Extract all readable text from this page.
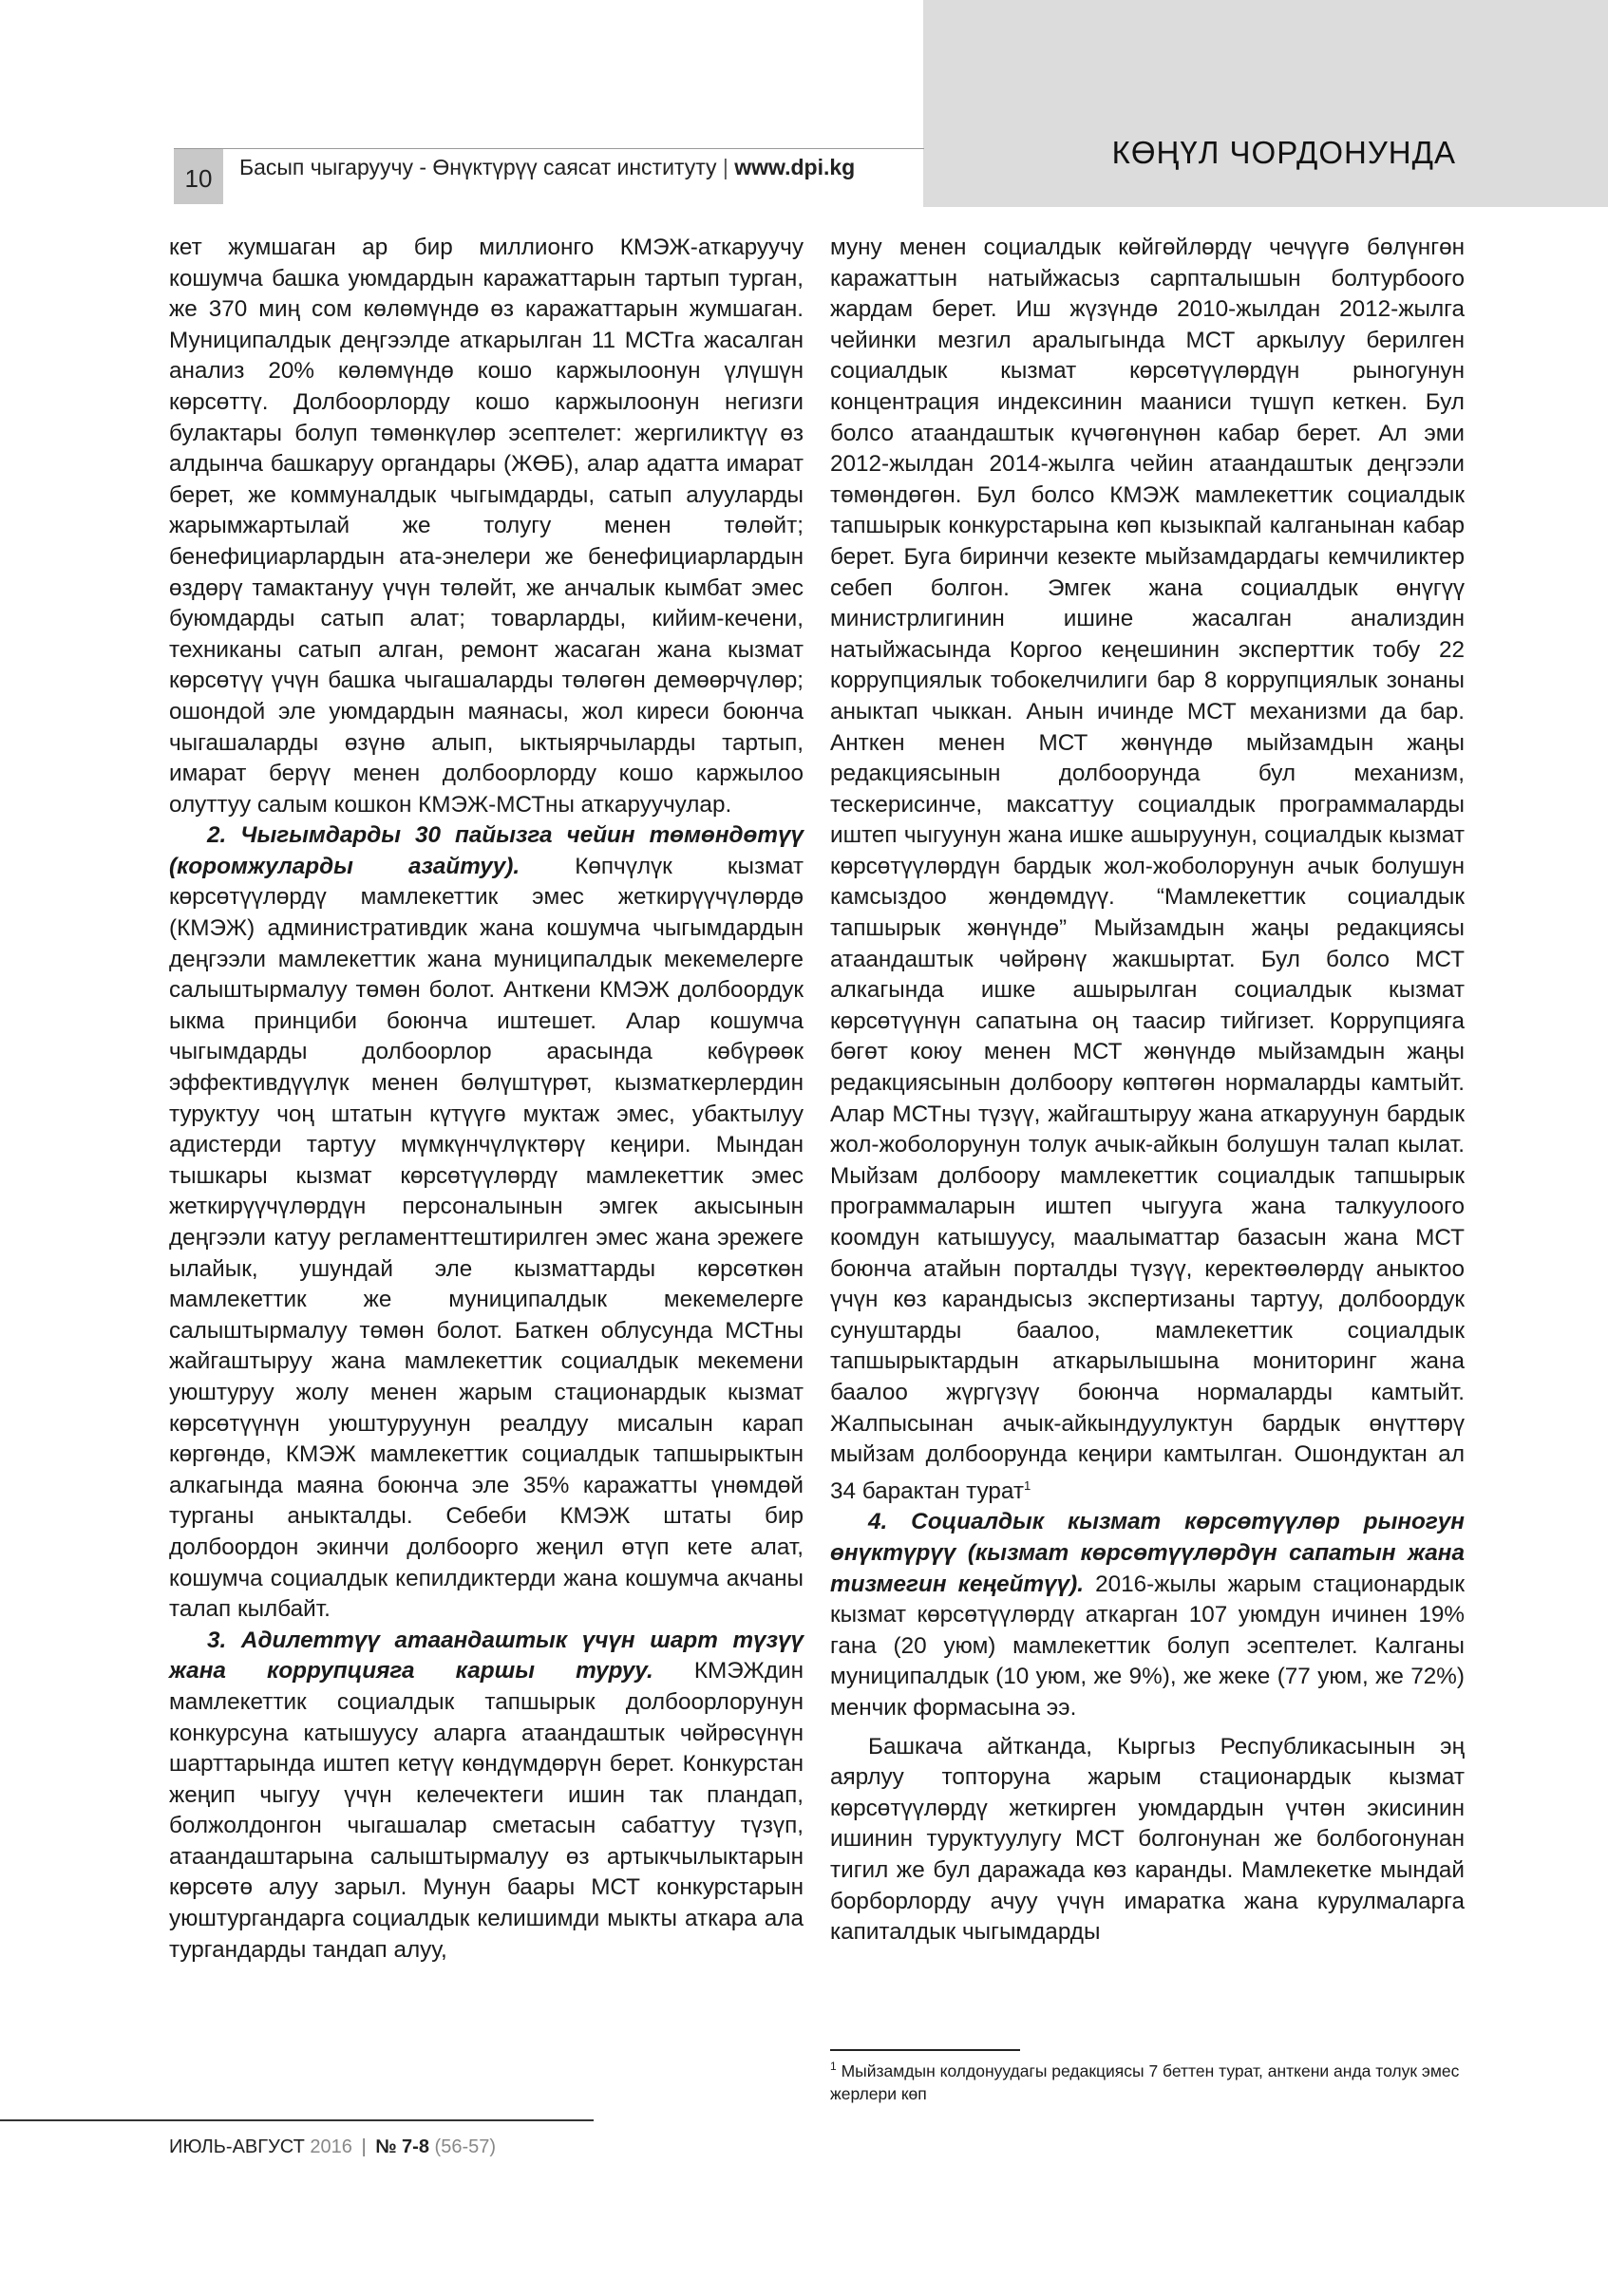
КӨҢҮЛ ЧОРДОНУНДА
10	Басып чыгаруучу - Өнүктүрүү саясат институту | www.dpi.kg

кет жумшаган ар бир миллионго КМЭЖ-аткаруучу кошумча башка уюмдардын каражаттарын тартып турган, же 370 миң сом көлөмүндө өз каражаттарын жумшаган. Муниципалдык деңгээлде аткарылган 11 МСТга жасалган анализ 20% көлөмүндө кошо каржылоонун үлүшүн көрсөттү. Долбоорлорду кошо каржылоонун негизги булактары болуп төмөнкүлөр эсептелет: жергиликтүү өз алдынча башкаруу органдары (ЖӨБ), алар адатта имарат берет, же коммуналдык чыгымдарды, сатып алууларды жарымжартылай же толугу менен төлөйт; бенефициарлардын ата-энелери же бенефициарлардын өздөрү тамактануу үчүн төлөйт, же анчалык кымбат эмес буюмдарды сатып алат; товарларды, кийим-кечени, техниканы сатып алган, ремонт жасаган жана кызмат көрсөтүү үчүн башка чыгашаларды төлөгөн демөөрчүлөр; ошондой эле уюмдардын маянасы, жол киреси боюнча чыгашаларды өзүнө алып, ыктыярчыларды тартып, имарат берүү менен долбоорлорду кошо каржылоо олуттуу салым кошкон КМЭЖ-МСТны аткаруучулар.

2. Чыгымдарды 30 пайызга чейин төмөндөтүү (коромжуларды азайтуу). Көпчүлүк кызмат көрсөтүүлөрдү мамлекеттик эмес жеткирүүчүлөрдө (КМЭЖ) административдик жана кошумча чыгымдардын деңгээли мамлекеттик жана муниципалдык мекемелерге салыштырмалуу төмөн болот. Анткени КМЭЖ долбоордук ыкма принциби боюнча иштешет. Алар кошумча чыгымдарды долбоорлор арасында көбүрөөк эффективдүүлүк менен бөлүштүрөт, кызматкерлердин туруктуу чоң штатын күтүүгө муктаж эмес, убактылуу адистерди тартуу мүмкүнчүлүктөрү кеңири. Мындан тышкары кызмат көрсөтүүлөрдү мамлекеттик эмес жеткирүүчүлөрдүн персоналынын эмгек акысынын деңгээли катуу регламенттештирилген эмес жана эрежеге ылайык, ушундай эле кызматтарды көрсөткөн мамлекеттик же муниципалдык мекемелерге салыштырмалуу төмөн болот. Баткен облусунда МСТны жайгаштыруу жана мамлекеттик социалдык мекемени уюштуруу жолу менен жарым стационардык кызмат көрсөтүүнүн уюштуруунун реалдуу мисалын карап көргөндө, КМЭЖ мамлекеттик социалдык тапшырыктын алкагында маяна боюнча эле 35% каражатты үнөмдөй турганы аныкталды. Себеби КМЭЖ штаты бир долбоордон экинчи долбоорго жеңил өтүп кете алат, кошумча социалдык кепилдиктерди жана кошумча акчаны талап кылбайт.

3. Адилеттүү атаандаштык үчүн шарт түзүү жана коррупцияга каршы туруу. КМЭЖдин мамлекеттик социалдык тапшырык долбоорлорунун конкурсуна катышуусу аларга атаандаштык чөйрөсүнүн шарттарында иштеп кетүү көндүмдөрүн берет. Конкурстан жеңип чыгуу үчүн келечектеги ишин так пландап, болжолдонгон чыгашалар сметасын сабаттуу түзүп, атаандаштарына салыштырмалуу өз артыкчылыктарын көрсөтө алуу зарыл. Мунун баары МСТ конкурстарын уюштургандарга социалдык келишимди мыкты аткара ала тургандарды тандап алуу,

муну менен социалдык көйгөйлөрдү чечүүгө бөлүнгөн каражаттын натыйжасыз сарпталышын болтурбоого жардам берет. Иш жүзүндө 2010-жылдан 2012-жылга чейинки мезгил аралыгында МСТ аркылуу берилген социалдык кызмат көрсөтүүлөрдүн рыногунун концентрация индексинин мааниси түшүп кеткен. Бул болсо атаандаштык күчөгөнүнөн кабар берет. Ал эми 2012-жылдан 2014-жылга чейин атаандаштык деңгээли төмөндөгөн. Бул болсо КМЭЖ мамлекеттик социалдык тапшырык конкурстарына көп кызыкпай калганынан кабар берет. Буга биринчи кезекте мыйзамдардагы кемчиликтер себеп болгон. Эмгек жана социалдык өнүгүү министрлигинин ишине жасалган анализдин натыйжасында Коргоо кеңешинин эксперттик тобу 22 коррупциялык тобокелчилиги бар 8 коррупциялык зонаны аныктап чыккан. Анын ичинде МСТ механизми да бар. Анткен менен МСТ жөнүндө мыйзамдын жаңы редакциясынын долбоорунда бул механизм, тескерисинче, максаттуу социалдык программаларды иштеп чыгуунун жана ишке ашыруунун, социалдык кызмат көрсөтүүлөрдүн бардык жол-жоболорунун ачык болушун камсыздоо жөндөмдүү. “Мамлекеттик социалдык тапшырык жөнүндө” Мыйзамдын жаңы редакциясы атаандаштык чөйрөнү жакшыртат. Бул болсо МСТ алкагында ишке ашырылган социалдык кызмат көрсөтүүнүн сапатына оң таасир тийгизет. Коррупцияга бөгөт коюу менен МСТ жөнүндө мыйзамдын жаңы редакциясынын долбоору көптөгөн нормаларды камтыйт. Алар МСТны түзүү, жайгаштыруу жана аткаруунун бардык жол-жоболорунун толук ачык-айкын болушун талап кылат. Мыйзам долбоору мамлекеттик социалдык тапшырык программаларын иштеп чыгууга жана талкуулоого коомдун катышуусу, маалыматтар базасын жана МСТ боюнча атайын порталды түзүү, керектөөлөрдү аныктоо үчүн көз карандысыз экспертизаны тартуу, долбоордук сунуштарды баалоо, мамлекеттик социалдык тапшырыктардын аткарылышына мониторинг жана баалоо жүргүзүү боюнча нормаларды камтыйт. Жалпысынан ачык-айкындуулуктун бардык өнүттөрү мыйзам долбоорунда кеңири камтылган. Ошондуктан ал 34 барактан турат$^1$

4. Социалдык кызмат көрсөтүүлөр рыногун өнүктүрүү (кызмат көрсөтүүлөрдүн сапатын жана тизмегин кеңейтүү). 2016-жылы жарым стационардык кызмат көрсөтүүлөрдү аткарган 107 уюмдун ичинен 19% гана (20 уюм) мамлекеттик болуп эсептелет. Калганы муниципалдык (10 уюм, же 9%), же жеке (77 уюм, же 72%) менчик формасына ээ.

Башкача айтканда, Кыргыз Республикасынын эң аярлуу топторуна жарым стационардык кызмат көрсөтүүлөрдү жеткирген уюмдардын үчтөн экисинин ишинин туруктуулугу МСТ болгонунан же болбогонунан тигил же бул даражада көз каранды. Мамлекетке мындай борборлорду ачуу үчүн имаратка жана курулмаларга капиталдык чыгымдарды

$^1$ Мыйзамдын колдонуудагы редакциясы 7 беттен турат, анткени анда толук эмес жерлери көп
ИЮЛЬ-АВГУСТ 2016 | № 7-8 (56-57)
